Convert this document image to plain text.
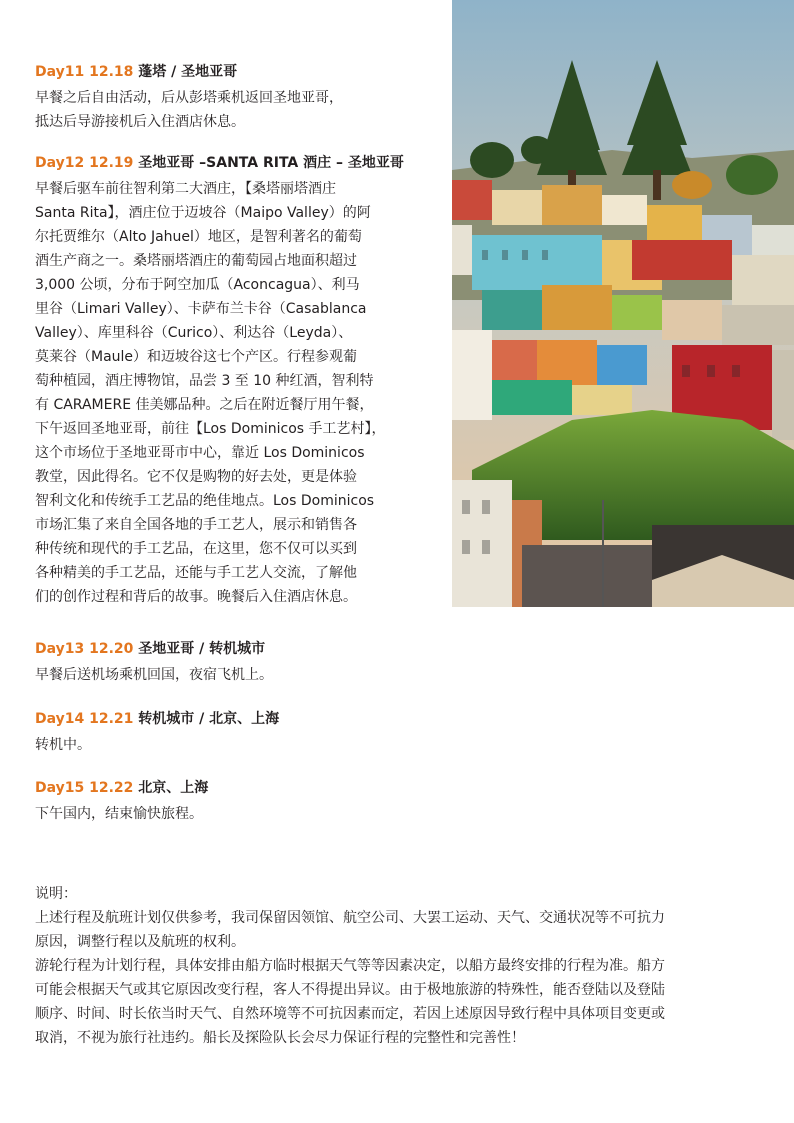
Day11 12.18 蓬塔 / 圣地亚哥
早餐之后自由活动，后从彭塔乘机返回圣地亚哥，
抵达后导游接机后入住酒店休息。
Day12 12.19 圣地亚哥 –SANTA RITA 酒庄 – 圣地亚哥
早餐后驱车前往智利第二大酒庄，【桑塔丽塔酒庄
Santa Rita】，酒庄位于迈坡谷（Maipo Valley）的阿
尔托贾维尔（Alto Jahuel）地区，是智利著名的葡萄
酒生产商之一。桑塔丽塔酒庄的葡萄园占地面积超过
3,000 公顷，分布于阿空加瓜（Aconcagua）、利马
里谷（Limari Valley）、卡萨布兰卡谷（Casablanca
Valley）、库里科谷（Curico）、利达谷（Leyda）、
莫莱谷（Maule）和迈坡谷这七个产区。行程参观葡
萄种植园，酒庄博物馆，品尝 3 至 10 种红酒，智利特
有 CARAMERE 佳美娜品种。之后在附近餐厅用午餐，
下午返回圣地亚哥，前往【Los Dominicos 手工艺村】，
这个市场位于圣地亚哥市中心，靠近 Los Dominicos
教堂，因此得名。它不仅是购物的好去处，更是体验
智利文化和传统手工艺品的绝佳地点。Los Dominicos
市场汇集了来自全国各地的手工艺人，展示和销售各
种传统和现代的手工艺品，在这里，您不仅可以买到
各种精美的手工艺品，还能与手工艺人交流，了解他
们的创作过程和背后的故事。晚餐后入住酒店休息。
Day13 12.20 圣地亚哥 / 转机城市
早餐后送机场乘机回国，夜宿飞机上。
Day14 12.21 转机城市 / 北京、上海
转机中。
Day15 12.22 北京、上海
下午国内，结束愉快旅程。
说明：
上述行程及航班计划仅供参考，我司保留因领馆、航空公司、大罢工运动、天气、交通状况等不可抗力
原因，调整行程以及航班的权利。
游轮行程为计划行程，具体安排由船方临时根据天气等等因素决定，以船方最终安排的行程为准。船方
可能会根据天气或其它原因改变行程，客人不得提出异议。由于极地旅游的特殊性，能否登陆以及登陆
顺序、时间、时长依当时天气、自然环境等不可抗因素而定，若因上述原因导致行程中具体项目变更或
取消，不视为旅行社违约。船长及探险队长会尽力保证行程的完整性和完善性！
